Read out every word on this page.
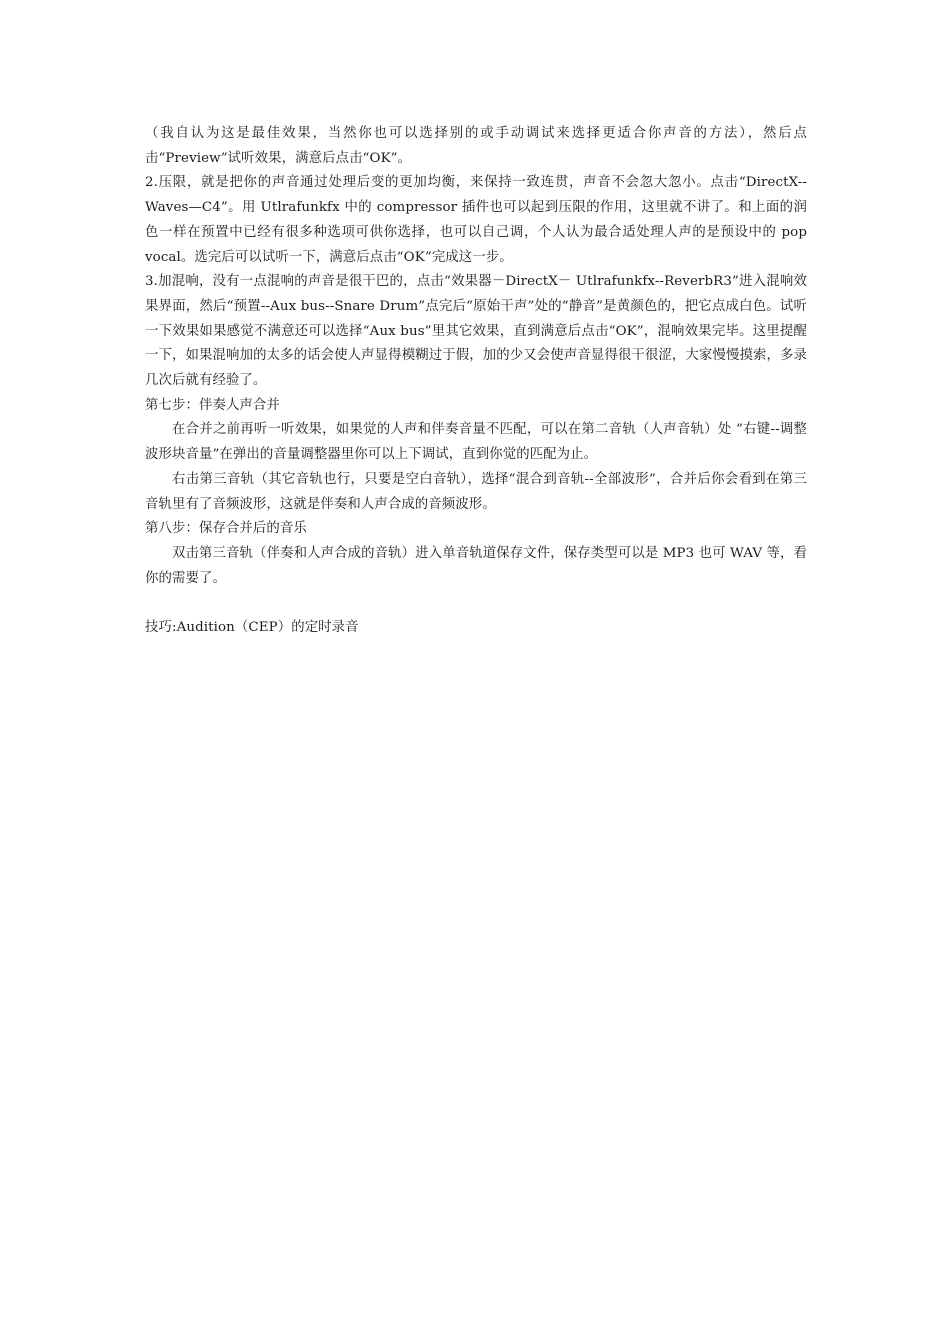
（我自认为这是最佳效果，当然你也可以选择别的或手动调试来选择更适合你声音的方法），然后点击“Preview”试听效果，满意后点击“OK”。

2.压限，就是把你的声音通过处理后变的更加均衡，来保持一致连贯，声音不会忽大忽小。点击“DirectX--Waves—C4”。用 Utlrafunkfx 中的 compressor 插件也可以起到压限的作用，这里就不讲了。和上面的润色一样在预置中已经有很多种选项可供你选择，也可以自己调，个人认为最合适处理人声的是预设中的 pop vocal。选完后可以试听一下，满意后点击“OK”完成这一步。

3.加混响，没有一点混响的声音是很干巴的，点击“效果器－DirectX－ Utlrafunkfx--ReverbR3”进入混响效果界面，然后“预置--Aux bus--Snare Drum”点完后“原始干声”处的“静音”是黄颜色的，把它点成白色。试听一下效果如果感觉不满意还可以选择“Aux bus”里其它效果，直到满意后点击“OK”，混响效果完毕。这里提醒一下，如果混响加的太多的话会使人声显得模糊过于假，加的少又会使声音显得很干很涩，大家慢慢摸索，多录几次后就有经验了。

第七步：伴奏人声合并

在合并之前再听一听效果，如果觉的人声和伴奏音量不匹配，可以在第二音轨（人声音轨）处 “右键--调整波形块音量”在弹出的音量调整器里你可以上下调试，直到你觉的匹配为止。

右击第三音轨（其它音轨也行，只要是空白音轨），选择“混合到音轨--全部波形”，合并后你会看到在第三音轨里有了音频波形，这就是伴奏和人声合成的音频波形。

第八步：保存合并后的音乐

双击第三音轨（伴奏和人声合成的音轨）进入单音轨道保存文件，保存类型可以是 MP3 也可 WAV 等，看你的需要了。

技巧:Audition（CEP）的定时录音
